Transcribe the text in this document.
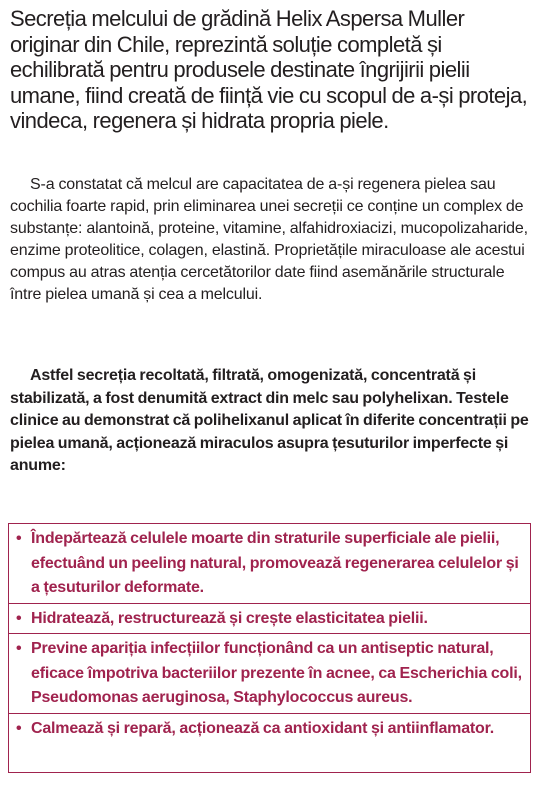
Secreția melcului de grădină Helix Aspersa Muller originar din Chile, reprezintă soluție completă și echilibrată pentru produsele destinate îngrijirii pielii umane, fiind creată de ființă vie cu scopul de a-și proteja, vindeca, regenera și hidrata propria piele.

S-a constatat că melcul are capacitatea de a-și regenera pielea sau cochilia foarte rapid, prin eliminarea unei secreții ce conține un complex de substanțe: alantoină, proteine, vitamine, alfahidroxiacizi, mucopolizaharide, enzime proteolitice, colagen, elastină. Proprietățile miraculoase ale acestui compus au atras atenția cercetătorilor date fiind asemănările structurale între pielea umană și cea a melcului.

Astfel secreția recoltată, filtrată, omogenizată, concentrată și stabilizată, a fost denumită extract din melc sau polyhelixan. Testele clinice au demonstrat că polihelixanul aplicat în diferite concentrații pe pielea umană, acționează miraculos asupra țesuturilor imperfecte și anume:

• Îndepărtează celulele moarte din straturile superficiale ale pielii, efectuând un peeling natural, promovează regenerarea celulelor și a țesuturilor deformate.
• Hidratează, restructurează și crește elasticitatea pielii.
• Previne apariția infecțiilor funcționând ca un antiseptic natural, eficace împotriva bacteriilor prezente în acnee, ca Escherichia coli, Pseudomonas aeruginosa, Staphylococcus aureus.
• Calmează și repară, acționează ca antioxidant și antiinflamator.
